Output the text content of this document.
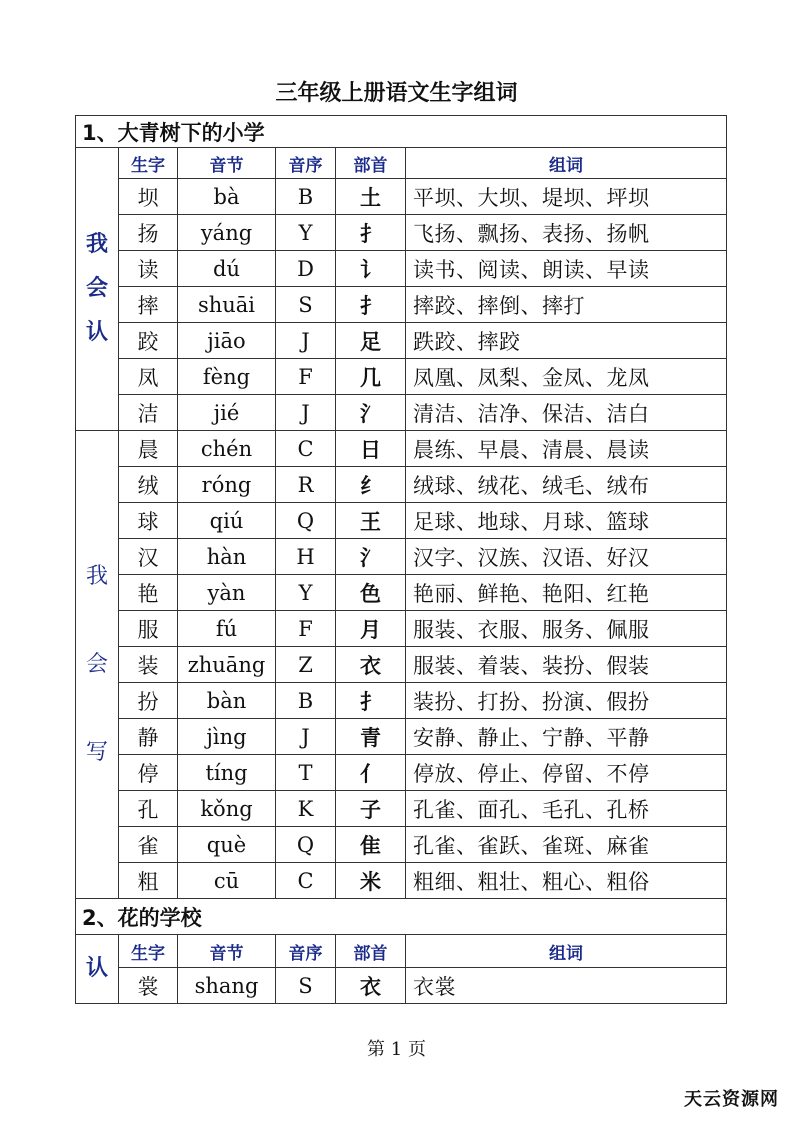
三年级上册语文生字组词
1、大青树下的小学					
我会认	生字	音节	音序	部首	组词
	坝	bà	B	土	平坝、大坝、堤坝、坪坝
	扬	yáng	Y	扌	飞扬、飘扬、表扬、扬帆
	读	dú	D	讠	读书、阅读、朗读、早读
	摔	shuāi	S	扌	摔跤、摔倒、摔打
	跤	jiāo	J	足	跌跤、摔跤
	凤	fèng	F	几	凤凰、凤梨、金凤、龙凤
	洁	jié	J	氵	清洁、洁净、保洁、洁白
我会写	晨	chén	C	日	晨练、早晨、清晨、晨读
	绒	róng	R	纟	绒球、绒花、绒毛、绒布
	球	qiú	Q	王	足球、地球、月球、篮球
	汉	hàn	H	氵	汉字、汉族、汉语、好汉
	艳	yàn	Y	色	艳丽、鲜艳、艳阳、红艳
	服	fú	F	月	服装、衣服、服务、佩服
	装	zhuāng	Z	衣	服装、着装、装扮、假装
	扮	bàn	B	扌	装扮、打扮、扮演、假扮
	静	jìng	J	青	安静、静止、宁静、平静
	停	tíng	T	亻	停放、停止、停留、不停
	孔	kǒng	K	子	孔雀、面孔、毛孔、孔桥
	雀	què	Q	隹	孔雀、雀跃、雀斑、麻雀
	粗	cū	C	米	粗细、粗壮、粗心、粗俗
2、花的学校					
认	生字	音节	音序	部首	组词
	裳	shang	S	衣	衣裳
第 1 页
天云资源网
